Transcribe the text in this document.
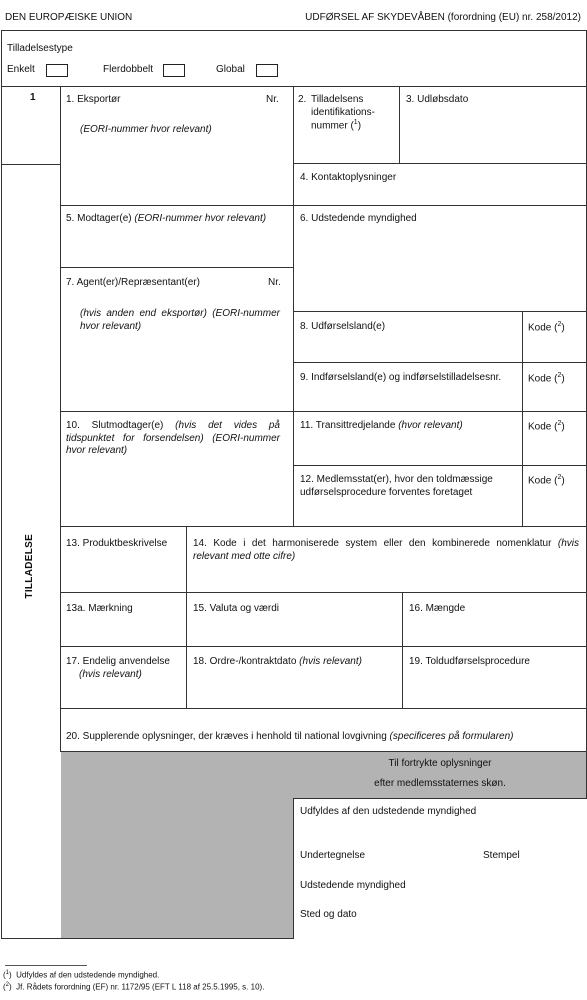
DEN EUROPÆISKE UNION	UDFØRSEL AF SKYDEVÅBEN (forordning (EU) nr. 258/2012)
Tilladelsestype
Enkelt	Flerdobbelt	Global
1
TILLADELSE
1. Eksportør	Nr.
(EORI-nummer hvor relevant)
2. Tilladelsens identifikations-nummer ($^1$)
3. Udløbsdato
4. Kontaktoplysninger
5. Modtager(e) (EORI-nummer hvor relevant)	6. Udstedende myndighed
7. Agent(er)/Repræsentant(er)	Nr.
(hvis anden end eksportør) (EORI-nummer hvor relevant)	8. Udførselsland(e)	Kode ($^2$)
9. Indførselsland(e) og indførselstilladelsesnr.	Kode ($^2$)
10. Slutmodtager(e) (hvis det vides på tidspunktet for forsendelsen) (EORI-nummer hvor relevant)
11. Transittredjelande (hvor relevant)	Kode ($^2$)
12. Medlemsstat(er), hvor den toldmæssige udførselsprocedure forventes foretaget
Kode ($^2$)
13. Produktbeskrivelse	14. Kode i det harmoniserede system eller den kombinerede nomenklatur (hvis relevant med otte cifre)
13a. Mærkning	15. Valuta og værdi	16. Mængde
17. Endelig anvendelse
(hvis relevant)
18. Ordre-/kontraktdato (hvis relevant)	19. Toldudførselsprocedure
20. Supplerende oplysninger, der kræves i henhold til national lovgivning (specificeres på formularen)
Til fortrykte oplysninger
efter medlemsstaternes skøn.
Udfyldes af den udstedende myndighed
Undertegnelse	Stempel
Udstedende myndighed
Sted og dato
($^1$)  Udfyldes af den udstedende myndighed.
($^2$)  Jf. Rådets forordning (EF) nr. 1172/95 (EFT L 118 af 25.5.1995, s. 10).
